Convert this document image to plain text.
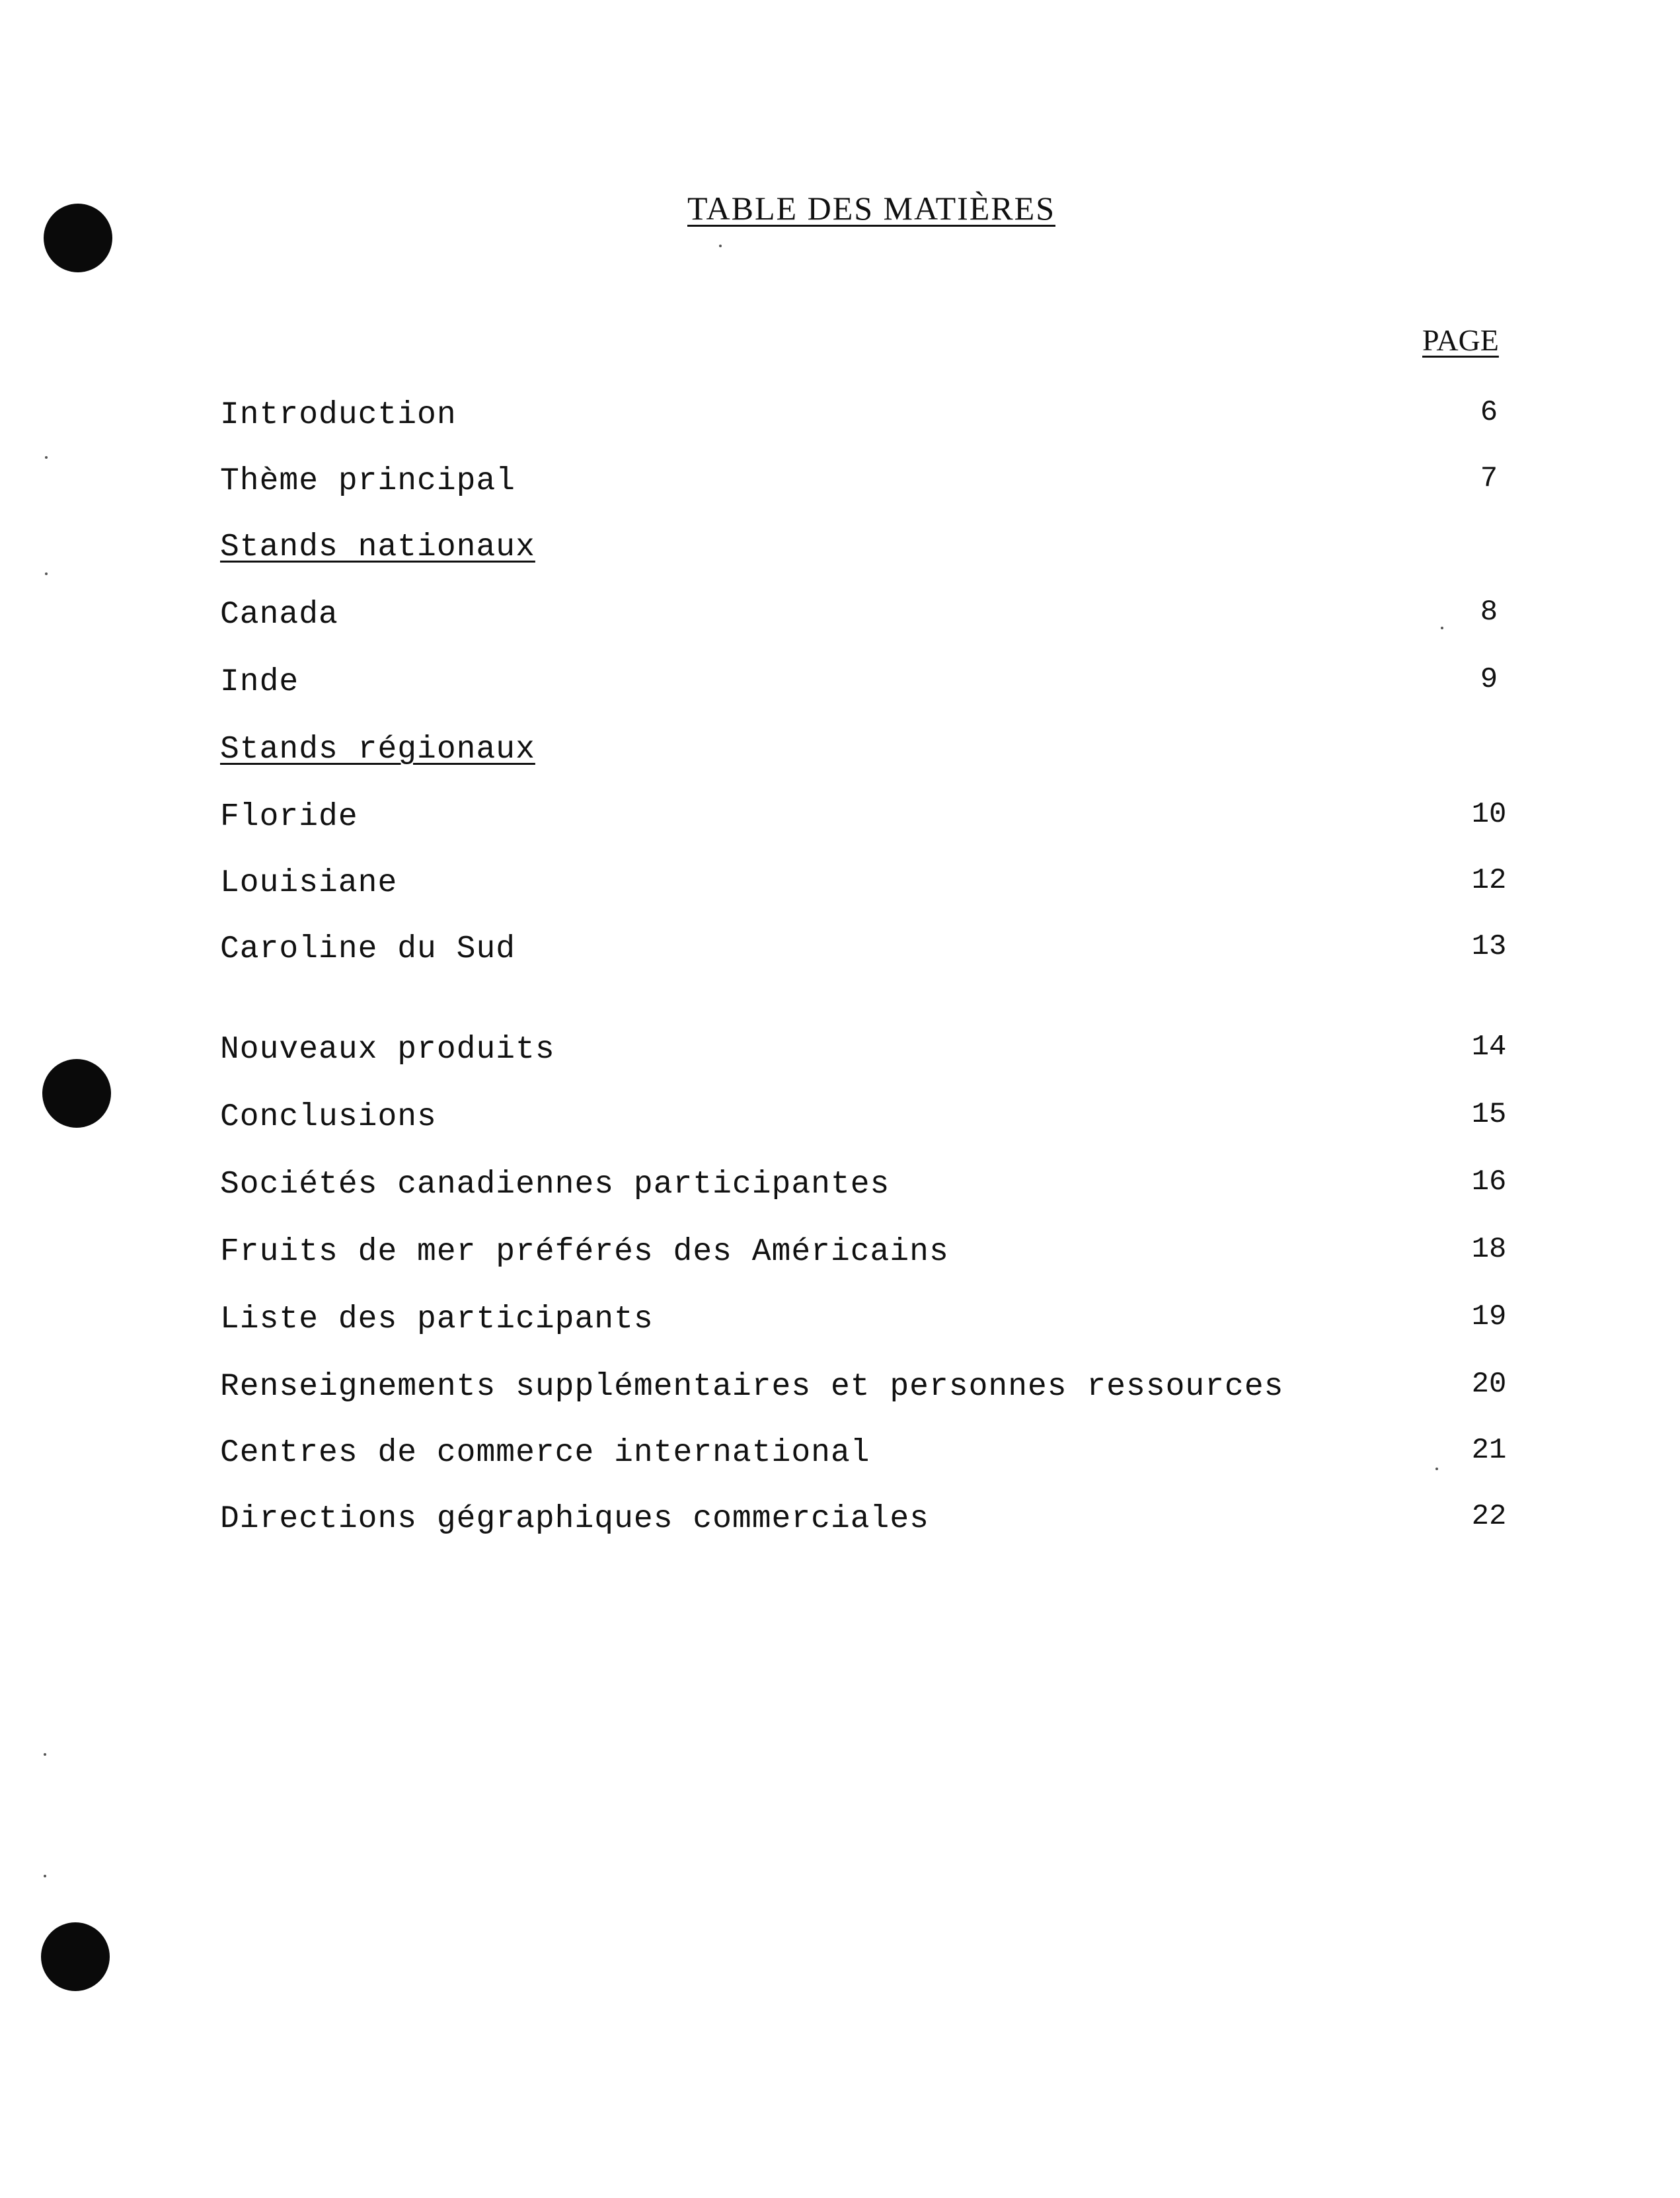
TABLE DES MATIÈRES
PAGE
Introduction	6
Thème principal	7
Stands nationaux
Canada	8
Inde	9
Stands régionaux
Floride	10
Louisiane	12
Caroline du Sud	13
Nouveaux produits	14
Conclusions	15
Sociétés canadiennes participantes	16
Fruits de mer préférés des Américains	18
Liste des participants	19
Renseignements supplémentaires et personnes ressources	20
Centres de commerce international	21
Directions gégraphiques commerciales	22
